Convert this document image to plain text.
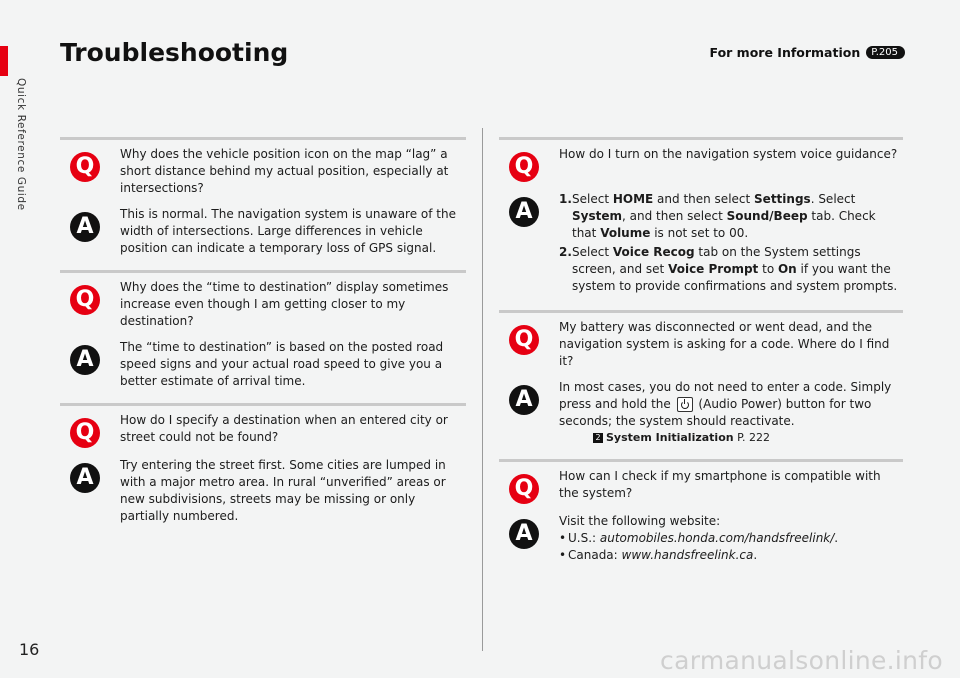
Quick Reference Guide
Troubleshooting	For more Information	P.205
Q	Why does the vehicle position icon on the map “lag” a short distance behind my actual position, especially at intersections?
A	This is normal. The navigation system is unaware of the width of intersections. Large differences in vehicle position can indicate a temporary loss of GPS signal.
Q	Why does the “time to destination” display sometimes increase even though I am getting closer to my destination?
A	The “time to destination” is based on the posted road speed signs and your actual road speed to give you a better estimate of arrival time.
Q	How do I specify a destination when an entered city or street could not be found?
A	Try entering the street first. Some cities are lumped in with a major metro area. In rural “unverified” areas or new subdivisions, streets may be missing or only partially numbered.
Q	How do I turn on the navigation system voice guidance?
A	1. Select HOME and then select Settings. Select System, and then select Sound/Beep tab. Check that Volume is not set to 00.
2. Select Voice Recog tab on the System settings screen, and set Voice Prompt to On if you want the system to provide confirmations and system prompts.
Q	My battery was disconnected or went dead, and the navigation system is asking for a code. Where do I find it?
A	In most cases, you do not need to enter a code. Simply press and hold the  (Audio Power) button for two seconds; the system should reactivate.
2 System Initialization P. 222
Q	How can I check if my smartphone is compatible with the system?
A	Visit the following website:
• U.S.: automobiles.honda.com/handsfreelink/.
• Canada: www.handsfreelink.ca.
16	carmanualsonline.info
